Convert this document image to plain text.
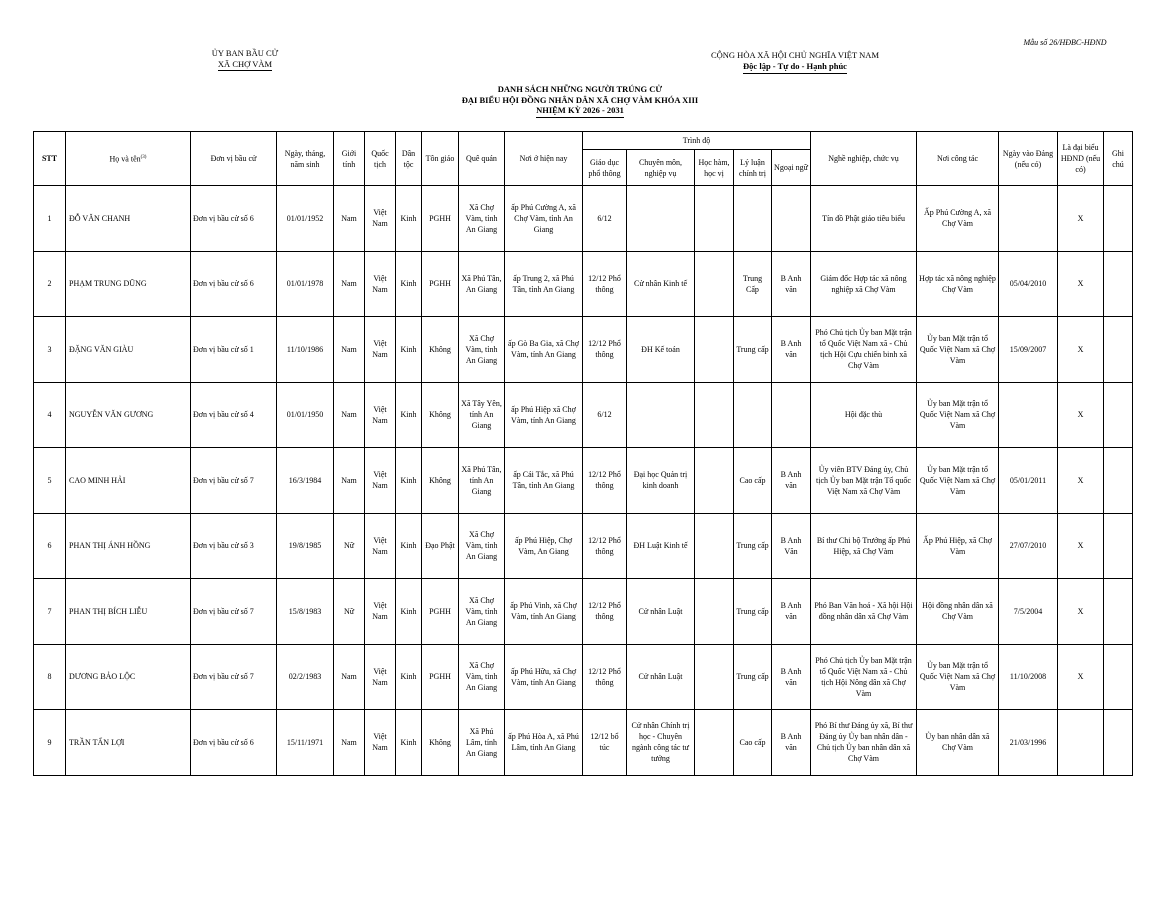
ỦY BAN BẦU CỬ
XÃ CHỢ VÀM
Mẫu số 26/HĐBC-HĐND
CỘNG HÒA XÃ HỘI CHỦ NGHĨA VIỆT NAM
Độc lập - Tự do - Hạnh phúc
DANH SÁCH NHỮNG NGƯỜI TRÚNG CỬ
ĐẠI BIỂU HỘI ĐỒNG NHÂN DÂN XÃ CHỢ VÀM KHÓA XIII
NHIỆM KỲ 2026 - 2031
STT	Họ và tên$^{(3)}$	Đơn vị bầu cử	Ngày, tháng, năm sinh	Giới tính	Quốc tịch	Dân tộc	Tôn giáo	Quê quán	Nơi ở hiện nay	Trình độ					Nghề nghiệp, chức vụ	Nơi công tác	Ngày vào Đảng (nếu có)	Là đại biểu HĐND (nếu có)	Ghi chú
										Giáo dục phổ thông	Chuyên môn, nghiệp vụ	Học hàm, học vị	Lý luận chính trị	Ngoại ngữ					
1	ĐỖ VĂN CHANH	Đơn vị bầu cử số 6	01/01/1952	Nam	Việt Nam	Kinh	PGHH	Xã Chợ Vàm, tỉnh An Giang	ấp Phú Cường A, xã Chợ Vàm, tỉnh An Giang	6/12					Tín đồ Phật giáo tiêu biểu	Ấp Phú Cường A, xã Chợ Vàm		X	
2	PHẠM TRUNG DŨNG	Đơn vị bầu cử số 6	01/01/1978	Nam	Việt Nam	Kinh	PGHH	Xã Phú Tân, An Giang	ấp Trung 2, xã Phú Tân, tỉnh An Giang	12/12 Phổ thông	Cử nhân Kinh tế		Trung Cấp	B Anh văn	Giám đốc Hợp tác xã nông nghiệp xã Chợ Vàm	Hợp tác xã nông nghiệp Chợ Vàm	05/04/2010	X	
3	ĐẶNG VĂN GIÀU	Đơn vị bầu cử số 1	11/10/1986	Nam	Việt Nam	Kinh	Không	Xã Chợ Vàm, tỉnh An Giang	ấp Gò Ba Gia, xã Chợ Vàm, tỉnh An Giang	12/12 Phổ thông	ĐH Kế toán		Trung cấp	B Anh văn	Phó Chủ tịch Ủy ban Mặt trận tổ Quốc Việt Nam xã - Chủ tịch Hội Cựu chiến binh xã Chợ Vàm	Ủy ban Mặt trận tổ Quốc Việt Nam xã Chợ Vàm	15/09/2007	X	
4	NGUYỄN VĂN GƯƠNG	Đơn vị bầu cử số 4	01/01/1950	Nam	Việt Nam	Kinh	Không	Xã Tây Yên, tỉnh An Giang	ấp Phú Hiệp xã Chợ Vàm, tỉnh An Giang	6/12					Hội đặc thù	Ủy ban Mặt trận tổ Quốc Việt Nam xã Chợ Vàm		X	
5	CAO MINH HẢI	Đơn vị bầu cử số 7	16/3/1984	Nam	Việt Nam	Kinh	Không	Xã Phú Tân, tỉnh An Giang	ấp Cái Tắc, xã Phú Tân, tỉnh An Giang	12/12 Phổ thông	Đại học Quản trị kinh doanh		Cao cấp	B Anh văn	Ủy viên BTV Đảng ủy, Chủ tịch Ủy ban Mặt trận Tổ quốc Việt Nam xã Chợ Vàm	Ủy ban Mặt trận tổ Quốc Việt Nam xã Chợ Vàm	05/01/2011	X	
6	PHAN THỊ ÁNH HỒNG	Đơn vị bầu cử số 3	19/8/1985	Nữ	Việt Nam	Kinh	Đạo Phật	Xã Chợ Vàm, tỉnh An Giang	ấp Phú Hiệp, Chợ Vàm, An Giang	12/12 Phổ thông	ĐH Luật Kinh tế		Trung cấp	B Anh Văn	Bí thư Chi bộ Trưởng ấp Phú Hiệp, xã Chợ Vàm	Ấp Phú Hiệp, xã Chợ Vàm	27/07/2010	X	
7	PHAN THỊ BÍCH LIỄU	Đơn vị bầu cử số 7	15/8/1983	Nữ	Việt Nam	Kinh	PGHH	Xã Chợ Vàm, tỉnh An Giang	ấp Phú Vinh, xã Chợ Vàm, tỉnh An Giang	12/12 Phổ thông	Cử nhân Luật		Trung cấp	B Anh văn	Phó Ban Văn hoá - Xã hội Hội đồng nhân dân xã Chợ Vàm	Hội đồng nhân dân xã Chợ Vàm	7/5/2004	X	
8	DƯƠNG BẢO LỘC	Đơn vị bầu cử số 7	02/2/1983	Nam	Việt Nam	Kinh	PGHH	Xã Chợ Vàm, tỉnh An Giang	ấp Phú Hữu, xã Chợ Vàm, tỉnh An Giang	12/12 Phổ thông	Cử nhân Luật		Trung cấp	B Anh văn	Phó Chủ tịch Ủy ban Mặt trận tổ Quốc Việt Nam xã - Chủ tịch Hội Nông dân xã Chợ Vàm	Ủy ban Mặt trận tổ Quốc Việt Nam xã Chợ Vàm	11/10/2008	X	
9	TRẦN TẤN LỢI	Đơn vị bầu cử số 6	15/11/1971	Nam	Việt Nam	Kinh	Không	Xã Phú Lâm, tỉnh An Giang	ấp Phú Hòa A, xã Phú Lâm, tỉnh An Giang	12/12 bổ túc	Cử nhân Chính trị học - Chuyên ngành công tác tư tưởng		Cao cấp	B Anh văn	Phó Bí thư Đảng ủy xã, Bí thư Đảng ủy Ủy ban nhân dân - Chủ tịch Ủy ban nhân dân xã Chợ Vàm	Ủy ban nhân dân xã Chợ Vàm	21/03/1996		
